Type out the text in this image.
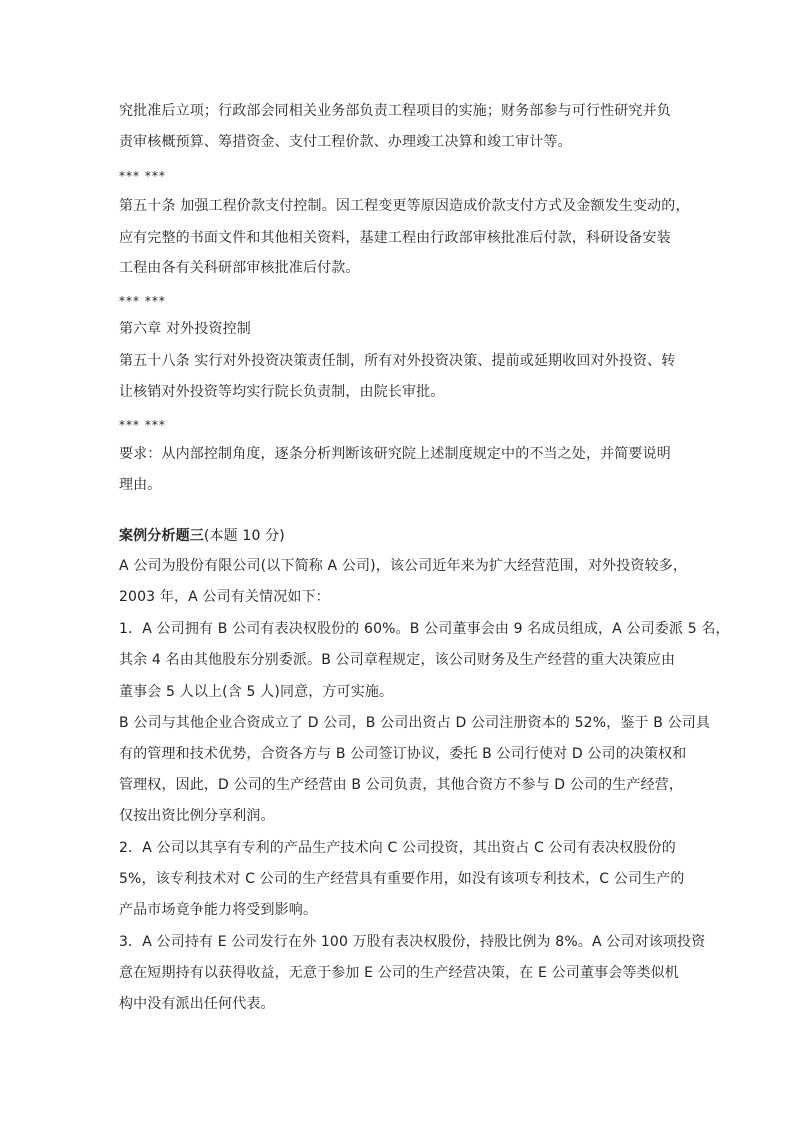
究批准后立项；行政部会同相关业务部负责工程项目的实施；财务部参与可行性研究并负
责审核概预算、筹措资金、支付工程价款、办理竣工决算和竣工审计等。
*** ***
第五十条 加强工程价款支付控制。因工程变更等原因造成价款支付方式及金额发生变动的，
应有完整的书面文件和其他相关资料，基建工程由行政部审核批准后付款，科研设备安装
工程由各有关科研部审核批准后付款。
*** ***
第六章 对外投资控制
第五十八条 实行对外投资决策责任制，所有对外投资决策、提前或延期收回对外投资、转
让核销对外投资等均实行院长负责制，由院长审批。
*** ***
要求：从内部控制角度，逐条分析判断该研究院上述制度规定中的不当之处，并简要说明
理由。
案例分析题三(本题 10 分)
A 公司为股份有限公司(以下简称 A 公司)，该公司近年来为扩大经营范围，对外投资较多，
2003 年，A 公司有关情况如下：
1．A 公司拥有 B 公司有表决权股份的 60%。B 公司董事会由 9 名成员组成，A 公司委派 5 名，
其余 4 名由其他股东分别委派。B 公司章程规定，该公司财务及生产经营的重大决策应由
董事会 5 人以上(含 5 人)同意，方可实施。
B 公司与其他企业合资成立了 D 公司，B 公司出资占 D 公司注册资本的 52%，鉴于 B 公司具
有的管理和技术优势，合资各方与 B 公司签订协议，委托 B 公司行使对 D 公司的决策权和
管理权，因此，D 公司的生产经营由 B 公司负责，其他合资方不参与 D 公司的生产经营，
仅按出资比例分享利润。
2．A 公司以其享有专利的产品生产技术向 C 公司投资，其出资占 C 公司有表决权股份的
5%，该专利技术对 C 公司的生产经营具有重要作用，如没有该项专利技术，C 公司生产的
产品市场竟争能力将受到影响。
3．A 公司持有 E 公司发行在外 100 万股有表决权股份，持股比例为 8%。A 公司对该项投资
意在短期持有以获得收益，无意于参加 E 公司的生产经营决策，在 E 公司董事会等类似机
构中没有派出任何代表。
